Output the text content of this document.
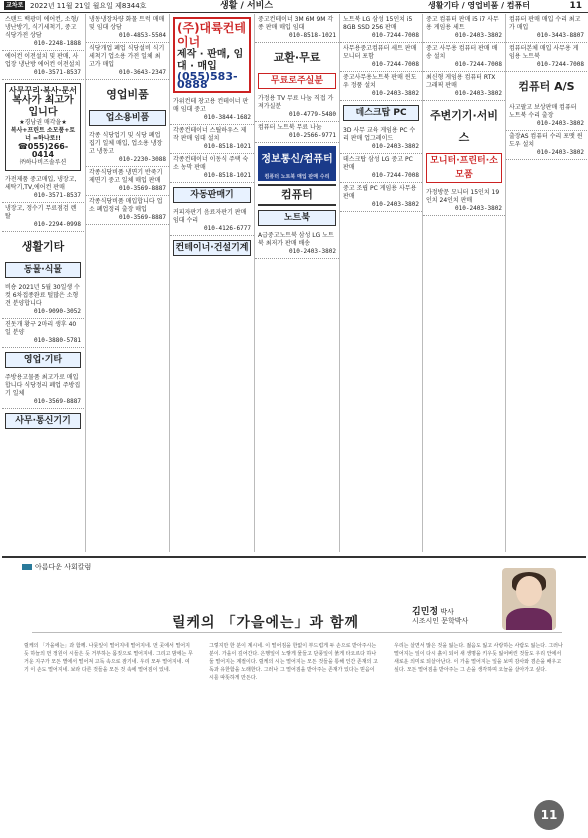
교차로 2022년 11월 21일 월요일 제8344호	생활 / 서비스	생활기타 / 영업비품 / 컴퓨터	11
스탠드 백광미 에어컨, 소형/냉난방기, 식기세척기, 중고식당가전 상담
010-2248-1888
에어컨 이전설치 및 판매, 사업장 냉난방 에어컨 이전설치
010-3571-8537
사무꾸리·복사·문서
복사가 최고가 입니다
★경남권 매각을★
복사+프린트 소모품+토너 =하나로!!
☎055)266-0414
㈜하나비즈솔루션
가전제품 중고매입, 냉장고,세탁기,TV,에어컨 판매
010-3571-8537
냉장고, 정수기 무료점검 렌탈
010-2294-0998
생활기타
동물·식물
비숑 2021년 5월 30일생 수컷 6차접종완료 털많은 소형견 분양합니다
010-9090-3052
진돗개 황구 2마리 생후 40일 분양
010-3880-5781
영업·기타
주방용고물품 최고가로 매입합니다 식당정리 폐업 주방집기 일체
010-3569-8887
사무·통신기기
냉동냉장차량 화물 트럭 매매 및 임대 상담
010-4853-5504
식당개업 폐업 식당설비 식기세척기 업소용 가전 일체 최고가 매입
010-3643-2347
영업비품
업소용비품
각종 식당업기 및 식당 폐업 집기 일체 매입, 업소용 냉장고 냉동고
010-2230-3088
각종식당비품 냉면기 반죽기 제면기 중고 일체 매입 판매
010-3569-8887
각종식당비품 매입합니다 업소 폐업정리 출장 매입
010-3569-8887
(주)대륙컨테이너
제작 · 판매, 임대 · 매입
(055)583-0888
가위컨테 창고용 컨테이너 판매 임대 중고
010-3844-1682
각종컨테이너 스틸하우스 제작 판매 임대 설치
010-8518-1021
각종컨테이너 이동식 주택 숙소 농막 판매
010-8518-1021
자동판매기
커피자판기 음료자판기 판매 임대 수리
010-4126-6777
컨테이너·건설기계
중고컨테이너 3M 6M 9M 각종 판매 매입 임대
010-8518-1021
교환·무료
무료로주실분
가정용 TV 무료 나눔 직접 가져가실분
010-4779-5480
컴퓨터 노트북 무료 나눔
010-2566-9771
정보통신/컴퓨터
컴퓨터 노트북 매입 판매 수리
컴퓨터
노트북
A급중고노트북 삼성 LG 노트북 최저가 판매 배송
010-2403-3802
노트북 LG 삼성 15인치 i5 8GB SSD 256 판매
010-7244-7008
사무용중고컴퓨터 세트 판매 모니터 포함
010-7244-7008
중고사무용노트북 판매 윈도우 정품 설치
010-2403-3802
데스크탑 PC
3D 사무 교육 게임용 PC 수리 판매 업그레이드
010-2403-3802
데스크탑 삼성 LG 중고 PC 판매
010-7244-7008
중고 조립 PC 게임용 사무용 판매
010-2403-3802
중고 컴퓨터 판매 i5 i7 사무용 게임용 세트
010-2403-3802
중고 사무용 컴퓨터 판매 배송 설치
010-7244-7008
최신형 게임용 컴퓨터 RTX 그래픽 판매
010-2403-3802
주변기기·서비스
모니터·프린터·소모품
가정방문 모니터 15인치 19인치 24인치 판매
010-2403-3802
컴퓨터 판매 매입 수리 최고가 매입
010-3443-8807
컴퓨터본체 매입 사무용 게임용 노트북
010-7244-7008
컴퓨터 A/S
사고팔고 보상판매 컴퓨터 노트북 수리 출장
010-2403-3802
출장AS 컴퓨터 수리 포맷 윈도우 설치
010-2403-3802
아름다운 사회칼럼
릴케의 「가을에는」과 함께
김민정 박사
시조시인 문학박사
릴케의 「가을에는」과 함께. 나뭇잎이 떨어지네 떨어지네. 먼 곳에서 떨어지듯 하늘의 먼 정원이 시들은 듯 거부하는 몸짓으로 떨어지네. 그리고 밤에는 무거운 지구가 모든 별에서 떨어져 고독 속으로 잠기네. 우리 모두 떨어지네. 여기 이 손도 떨어지네. 보라 다른 것들을 모든 것 속에 떨어짐이 있네.
그렇지만 한 분이 계시네. 이 떨어짐을 한없이 부드럽게 두 손으로 받아주시는 분이. 가을이 깊어간다. 은행잎이 노랗게 물들고 단풍잎이 붉게 타오르다 하나둘 떨어지는 계절이다. 릴케의 시는 떨어지는 모든 것들을 통해 인간 존재의 고독과 유한함을 노래한다. 그러나 그 떨어짐을 받아주는 존재가 있다는 믿음이 시를 따뜻하게 만든다.
우리는 살면서 많은 것을 잃는다. 젊음도 잃고 사랑하는 사람도 잃는다. 그러나 떨어지는 잎이 다시 흙이 되어 새 생명을 키우듯 잃어버린 것들도 우리 안에서 새로운 의미로 되살아난다. 이 가을 떨어지는 잎을 보며 감사와 겸손을 배우고 싶다. 모든 떨어짐을 받아주는 그 손을 생각하며 오늘을 살아가고 싶다.
11
